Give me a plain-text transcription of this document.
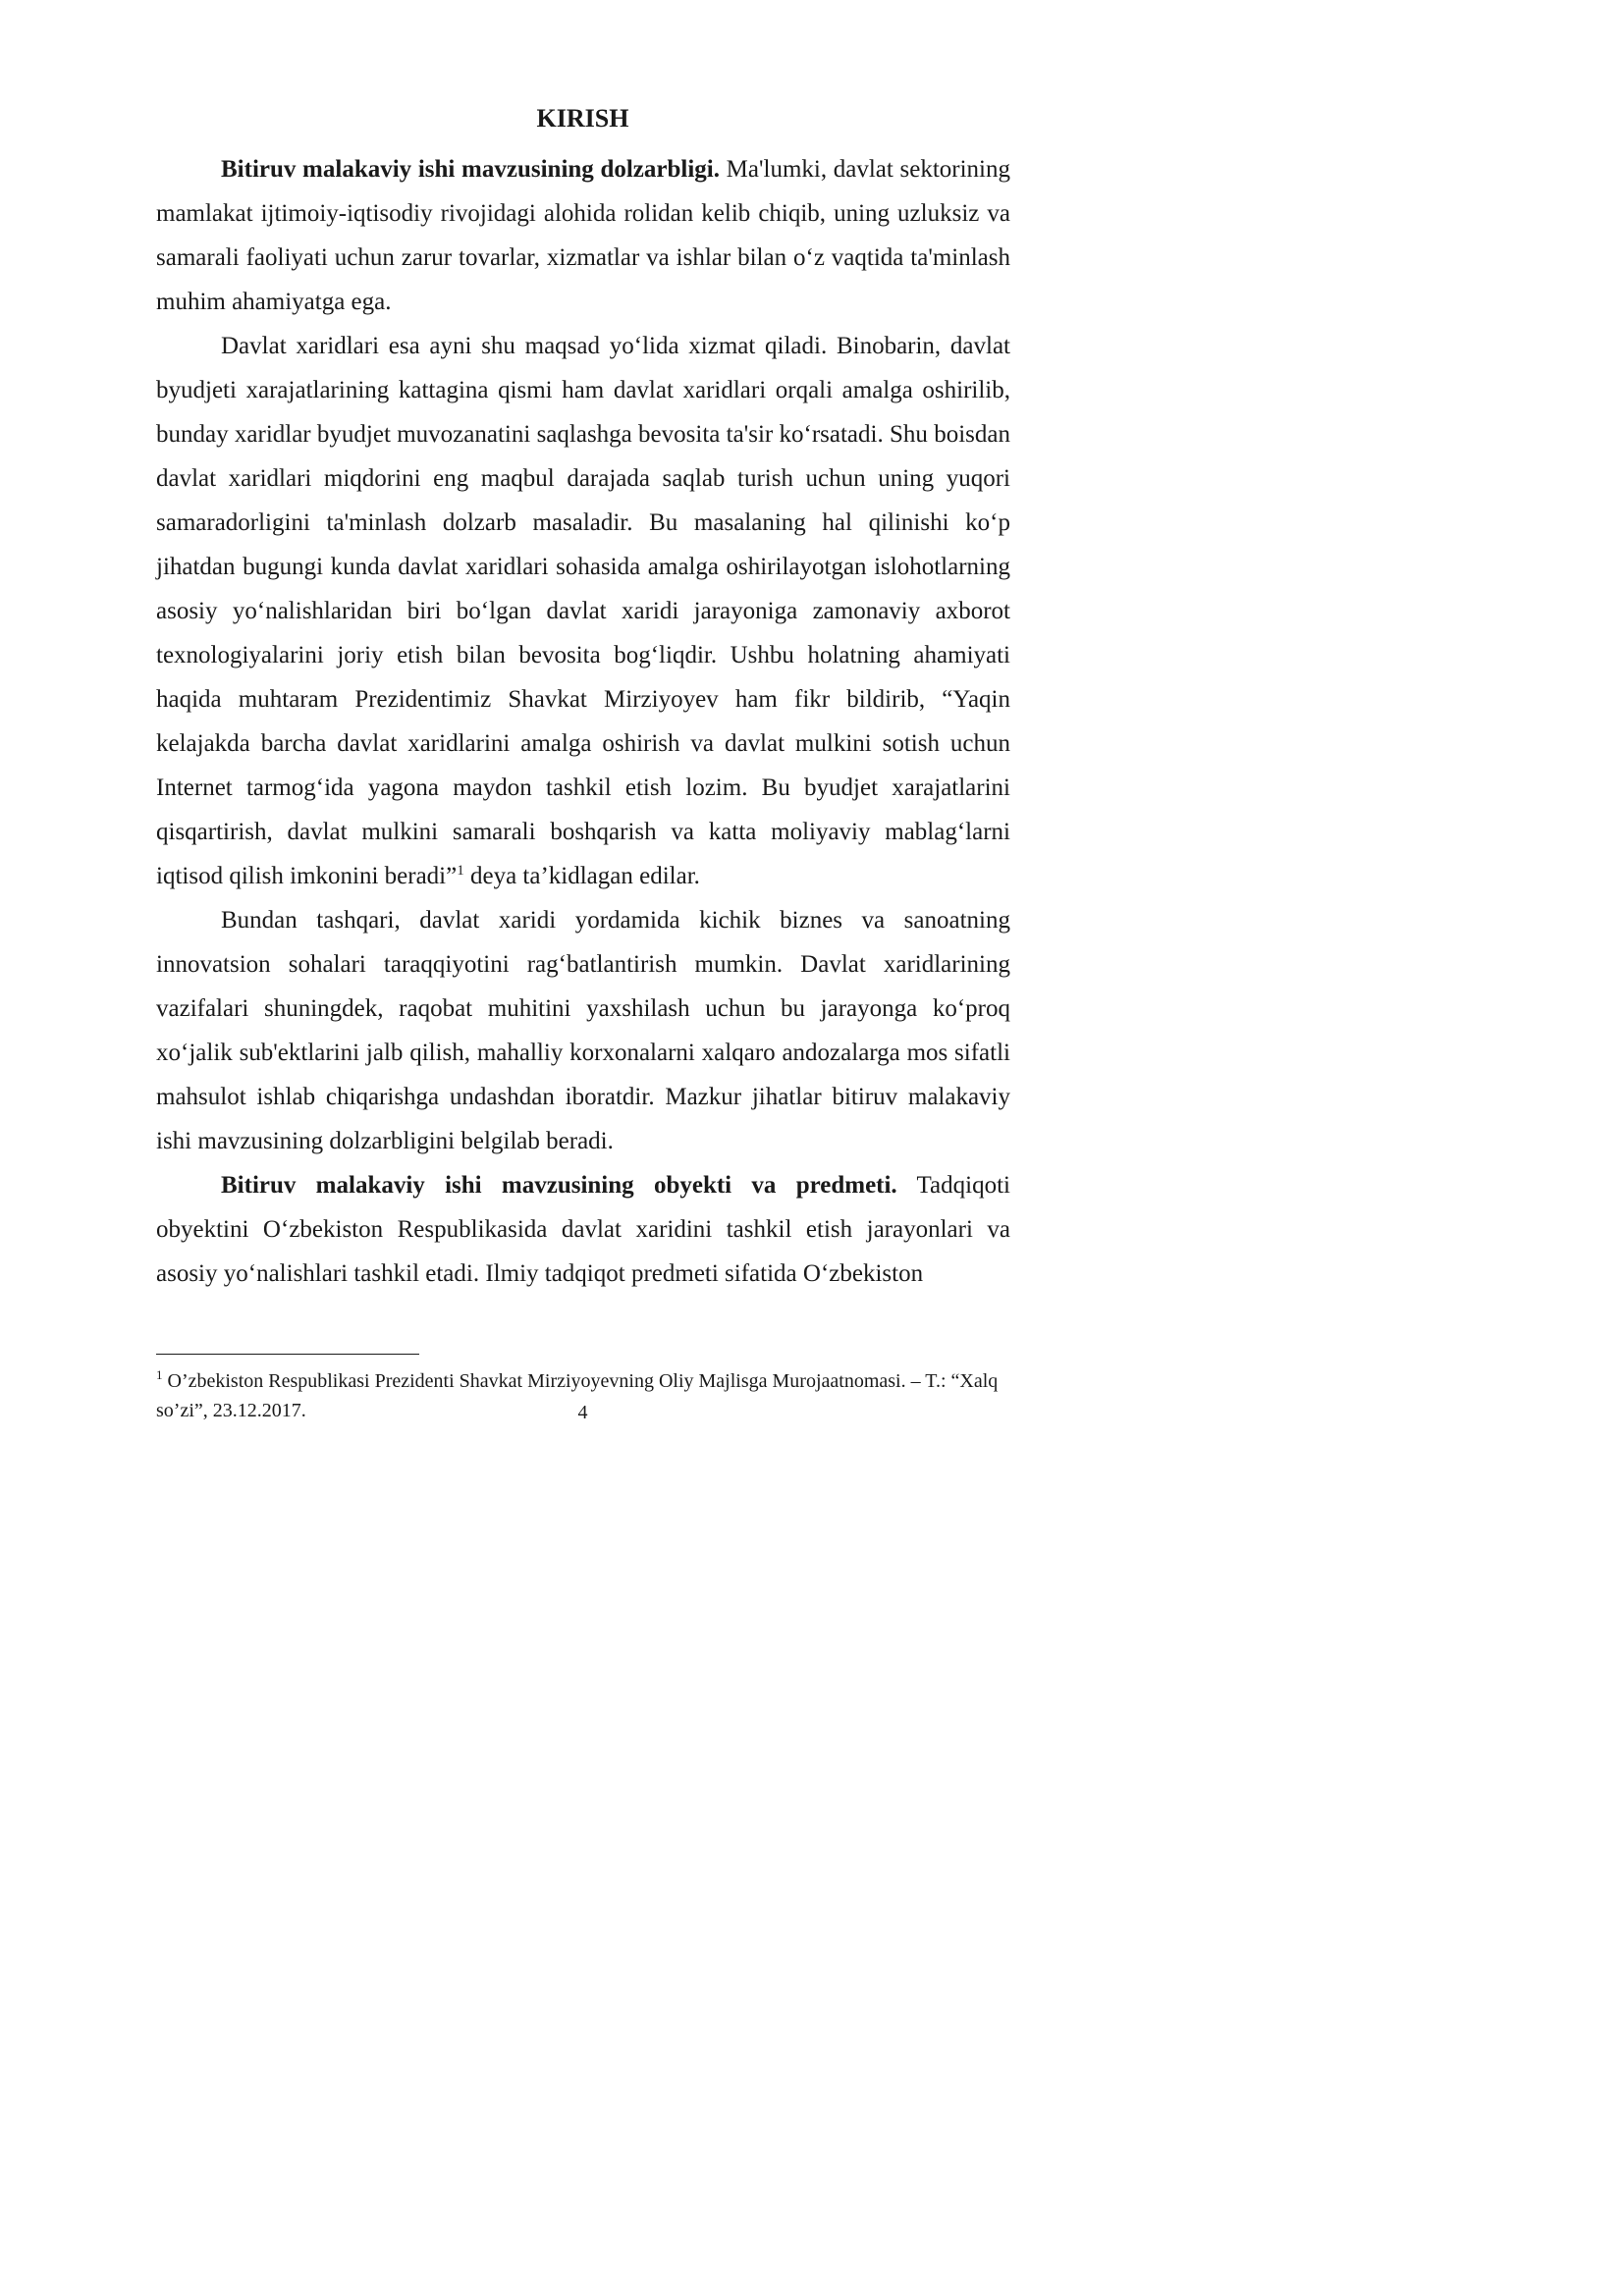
KIRISH

Bitiruv malakaviy ishi mavzusining dolzarbligi. Ma'lumki, davlat sektorining mamlakat ijtimoiy-iqtisodiy rivojidagi alohida rolidan kelib chiqib, uning uzluksiz va samarali faoliyati uchun zarur tovarlar, xizmatlar va ishlar bilan o‘z vaqtida ta'minlash muhim ahamiyatga ega.

Davlat xaridlari esa ayni shu maqsad yo‘lida xizmat qiladi. Binobarin, davlat byudjeti xarajatlarining kattagina qismi ham davlat xaridlari orqali amalga oshirilib, bunday xaridlar byudjet muvozanatini saqlashga bevosita ta'sir ko‘rsatadi. Shu boisdan davlat xaridlari miqdorini eng maqbul darajada saqlab turish uchun uning yuqori samaradorligini ta'minlash dolzarb masaladir. Bu masalaning hal qilinishi ko‘p jihatdan bugungi kunda davlat xaridlari sohasida amalga oshirilayotgan islohotlarning asosiy yo‘nalishlaridan biri bo‘lgan davlat xaridi jarayoniga zamonaviy axborot texnologiyalarini joriy etish bilan bevosita bog‘liqdir. Ushbu holatning ahamiyati haqida muhtaram Prezidentimiz Shavkat Mirziyoyev ham fikr bildirib, “Yaqin kelajakda barcha davlat xaridlarini amalga oshirish va davlat mulkini sotish uchun Internet tarmog‘ida yagona maydon tashkil etish lozim. Bu byudjet xarajatlarini qisqartirish, davlat mulkini samarali boshqarish va katta moliyaviy mablag‘larni iqtisod qilish imkonini beradi”$^1$ deya ta’kidlagan edilar.

Bundan tashqari, davlat xaridi yordamida kichik biznes va sanoatning innovatsion sohalari taraqqiyotini rag‘batlantirish mumkin. Davlat xaridlarining vazifalari shuningdek, raqobat muhitini yaxshilash uchun bu jarayonga ko‘proq xo‘jalik sub'ektlarini jalb qilish, mahalliy korxonalarni xalqaro andozalarga mos sifatli mahsulot ishlab chiqarishga undashdan iboratdir. Mazkur jihatlar bitiruv malakaviy ishi mavzusining dolzarbligini belgilab beradi.

Bitiruv malakaviy ishi mavzusining obyekti va predmeti. Tadqiqoti obyektini O‘zbekiston Respublikasida davlat xaridini tashkil etish jarayonlari va asosiy yo‘nalishlari tashkil etadi. Ilmiy tadqiqot predmeti sifatida O‘zbekiston

$^1$ O’zbekiston Respublikasi Prezidenti Shavkat Mirziyoyevning Oliy Majlisga Murojaatnomasi. – T.: “Xalq so’zi”, 23.12.2017.	4
